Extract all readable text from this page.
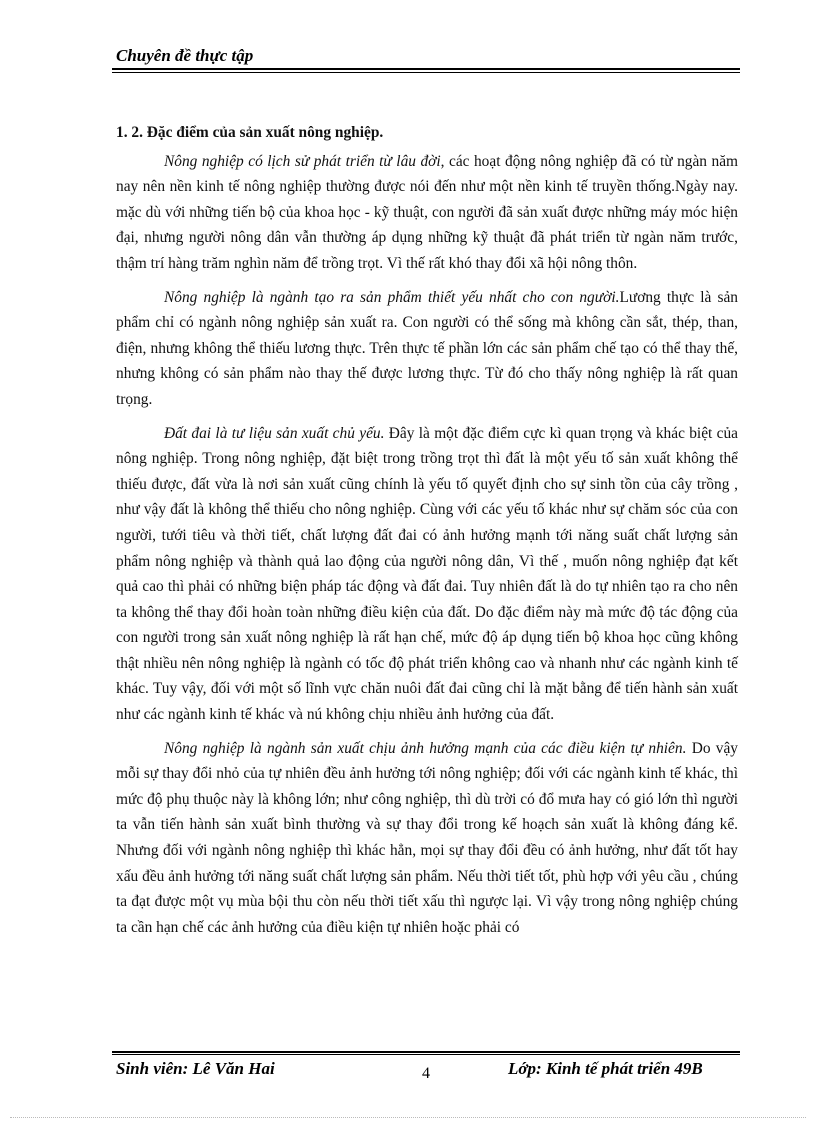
Chuyên đề thực tập
1. 2. Đặc điểm của sản xuất nông nghiệp.

Nông nghiệp có lịch sử phát triển từ lâu đời, các hoạt động nông nghiệp đã có từ ngàn năm nay nên nền kinh tế nông nghiệp thường được nói đến như một nền kinh tế truyền thống.Ngày nay. mặc dù với những tiến bộ của khoa học - kỹ thuật, con người đã sản xuất được những máy móc hiện đại, nhưng người nông dân vẫn thường áp dụng những kỹ thuật đã phát triển từ ngàn năm trước, thậm trí hàng trăm nghìn năm để trồng trọt. Vì thế rất khó thay đổi xã hội nông thôn.

Nông nghiệp là ngành tạo ra sản phẩm thiết yếu nhất cho con người.Lương thực là sản phẩm chỉ có ngành nông nghiệp sản xuất ra. Con người có thể sống mà không cần sắt, thép, than, điện, nhưng không thể thiếu lương thực. Trên thực tế phần lớn các sản phẩm chế tạo có thể thay thế, nhưng không có sản phẩm nào thay thế được lương thực. Từ đó cho thấy nông nghiệp là rất quan trọng.

Đất đai là tư liệu sản xuất chủ yếu. Đây là một đặc điểm cực kì quan trọng và khác biệt của nông nghiệp. Trong nông nghiệp, đặt biệt trong trồng trọt thì đất là một yếu tố sản xuất không thể thiếu được, đất vừa là nơi sản xuất cũng chính là yếu tố quyết định cho sự sinh tồn của cây trồng , như vậy đất là không thể thiếu cho nông nghiệp. Cùng với các yếu tố khác như sự chăm sóc của con người, tưới tiêu và thời tiết, chất lượng đất đai có ảnh hưởng mạnh tới năng suất chất lượng sản phẩm nông nghiệp và thành quả lao động của người nông dân, Vì thế , muốn nông nghiệp đạt kết quả cao thì phải có những biện pháp tác động và đất đai. Tuy nhiên đất là do tự nhiên tạo ra cho nên ta không thể thay đổi hoàn toàn những điều kiện của đất. Do đặc điểm này mà mức độ tác động của con người trong sản xuất nông nghiệp là rất hạn chế, mức độ áp dụng tiến bộ khoa học cũng không thật nhiều nên nông nghiệp là ngành có tốc độ phát triển không cao và nhanh như các ngành kinh tế khác. Tuy vậy, đối với một số lĩnh vực chăn nuôi đất đai cũng chỉ là mặt bằng để tiến hành sản xuất như các ngành kinh tế khác và nú không chịu nhiều ảnh hưởng của đất.

Nông nghiệp là ngành sản xuất chịu ảnh hưởng mạnh của các điều kiện tự nhiên. Do vậy mỗi sự thay đổi nhỏ của tự nhiên đều ảnh hưởng tới nông nghiệp; đối với các ngành kinh tế khác, thì mức độ phụ thuộc này là không lớn; như công nghiệp, thì dù trời có đổ mưa hay có gió lớn thì người ta vẫn tiến hành sản xuất bình thường và sự thay đổi trong kế hoạch sản xuất là không đáng kể. Nhưng đối với ngành nông nghiệp thì khác hẳn, mọi sự thay đổi đều có ảnh hưởng, như đất tốt hay xấu đều ảnh hưởng tới năng suất chất lượng sản phẩm. Nếu thời tiết tốt, phù hợp với yêu cầu , chúng ta đạt được một vụ mùa bội thu còn nếu thời tiết xấu thì ngược lại. Vì vậy trong nông nghiệp chúng ta cần hạn chế các ảnh hưởng của điều kiện tự nhiên hoặc phải có

Sinh viên: Lê Văn Hai	4	Lớp: Kinh tế phát triển 49B
